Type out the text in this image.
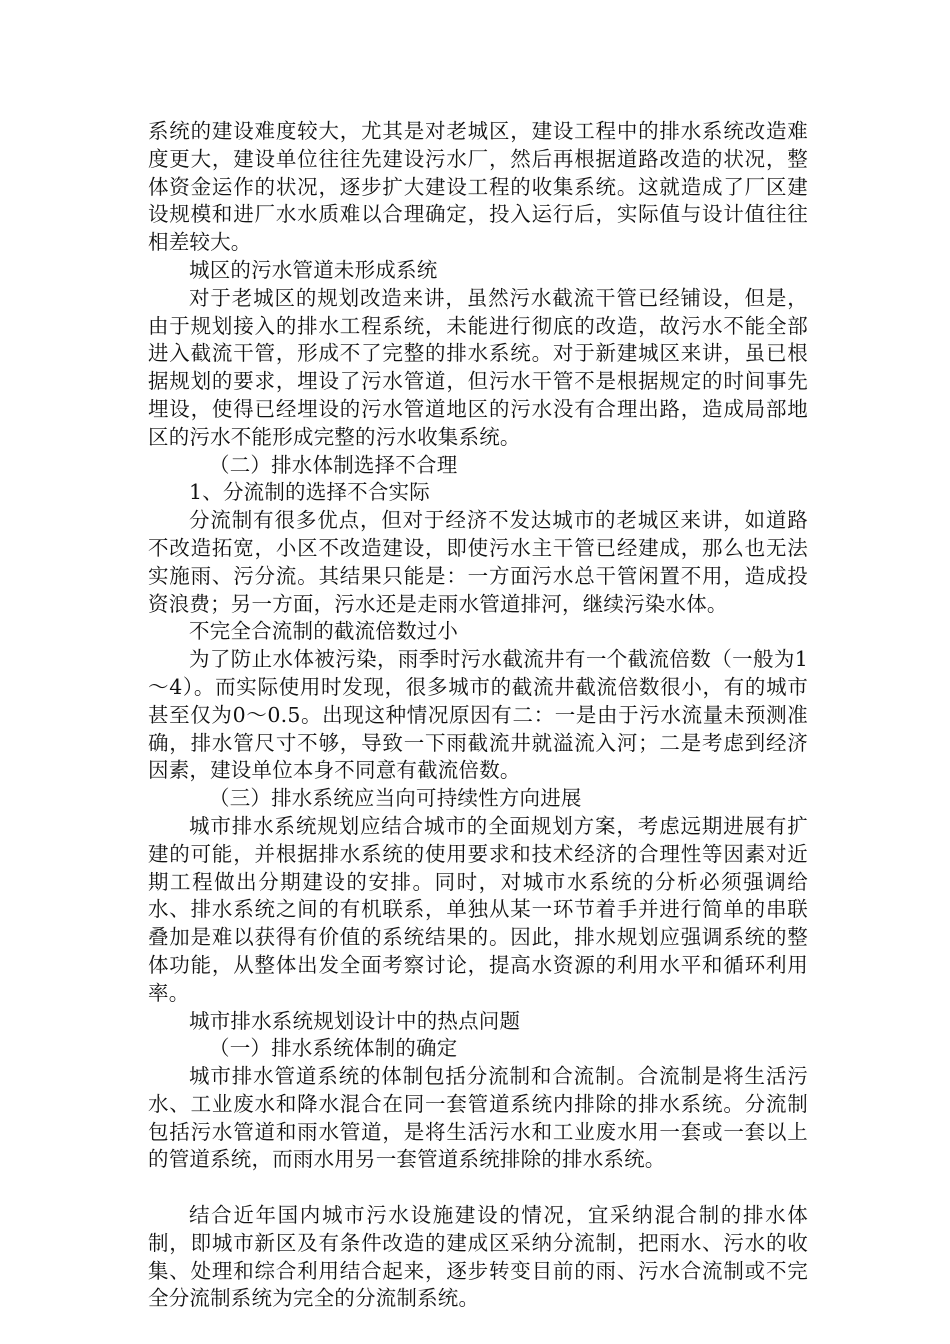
系统的建设难度较大，尤其是对老城区，建设工程中的排水系统改造难度更大，建设单位往往先建设污水厂，然后再根据道路改造的状况，整体资金运作的状况，逐步扩大建设工程的收集系统。这就造成了厂区建设规模和进厂水水质难以合理确定，投入运行后，实际值与设计值往往相差较大。

城区的污水管道未形成系统

对于老城区的规划改造来讲，虽然污水截流干管已经铺设，但是，由于规划接入的排水工程系统，未能进行彻底的改造，故污水不能全部进入截流干管，形成不了完整的排水系统。对于新建城区来讲，虽已根据规划的要求，埋设了污水管道，但污水干管不是根据规定的时间事先埋设，使得已经埋设的污水管道地区的污水没有合理出路，造成局部地区的污水不能形成完整的污水收集系统。

（二）排水体制选择不合理

1、分流制的选择不合实际

分流制有很多优点，但对于经济不发达城市的老城区来讲，如道路不改造拓宽，小区不改造建设，即使污水主干管已经建成，那么也无法实施雨、污分流。其结果只能是：一方面污水总干管闲置不用，造成投资浪费；另一方面，污水还是走雨水管道排河，继续污染水体。

不完全合流制的截流倍数过小

为了防止水体被污染，雨季时污水截流井有一个截流倍数（一般为1～4）。而实际使用时发现，很多城市的截流井截流倍数很小，有的城市甚至仅为0～0.5。出现这种情况原因有二：一是由于污水流量未预测准确，排水管尺寸不够，导致一下雨截流井就溢流入河；二是考虑到经济因素，建设单位本身不同意有截流倍数。

（三）排水系统应当向可持续性方向进展

城市排水系统规划应结合城市的全面规划方案，考虑远期进展有扩建的可能，并根据排水系统的使用要求和技术经济的合理性等因素对近期工程做出分期建设的安排。同时，对城市水系统的分析必须强调给水、排水系统之间的有机联系，单独从某一环节着手并进行简单的串联叠加是难以获得有价值的系统结果的。因此，排水规划应强调系统的整体功能，从整体出发全面考察讨论，提高水资源的利用水平和循环利用率。

城市排水系统规划设计中的热点问题

（一）排水系统体制的确定

城市排水管道系统的体制包括分流制和合流制。合流制是将生活污水、工业废水和降水混合在同一套管道系统内排除的排水系统。分流制包括污水管道和雨水管道，是将生活污水和工业废水用一套或一套以上的管道系统，而雨水用另一套管道系统排除的排水系统。

结合近年国内城市污水设施建设的情况，宜采纳混合制的排水体制，即城市新区及有条件改造的建成区采纳分流制，把雨水、污水的收集、处理和综合利用结合起来，逐步转变目前的雨、污水合流制或不完全分流制系统为完全的分流制系统。
